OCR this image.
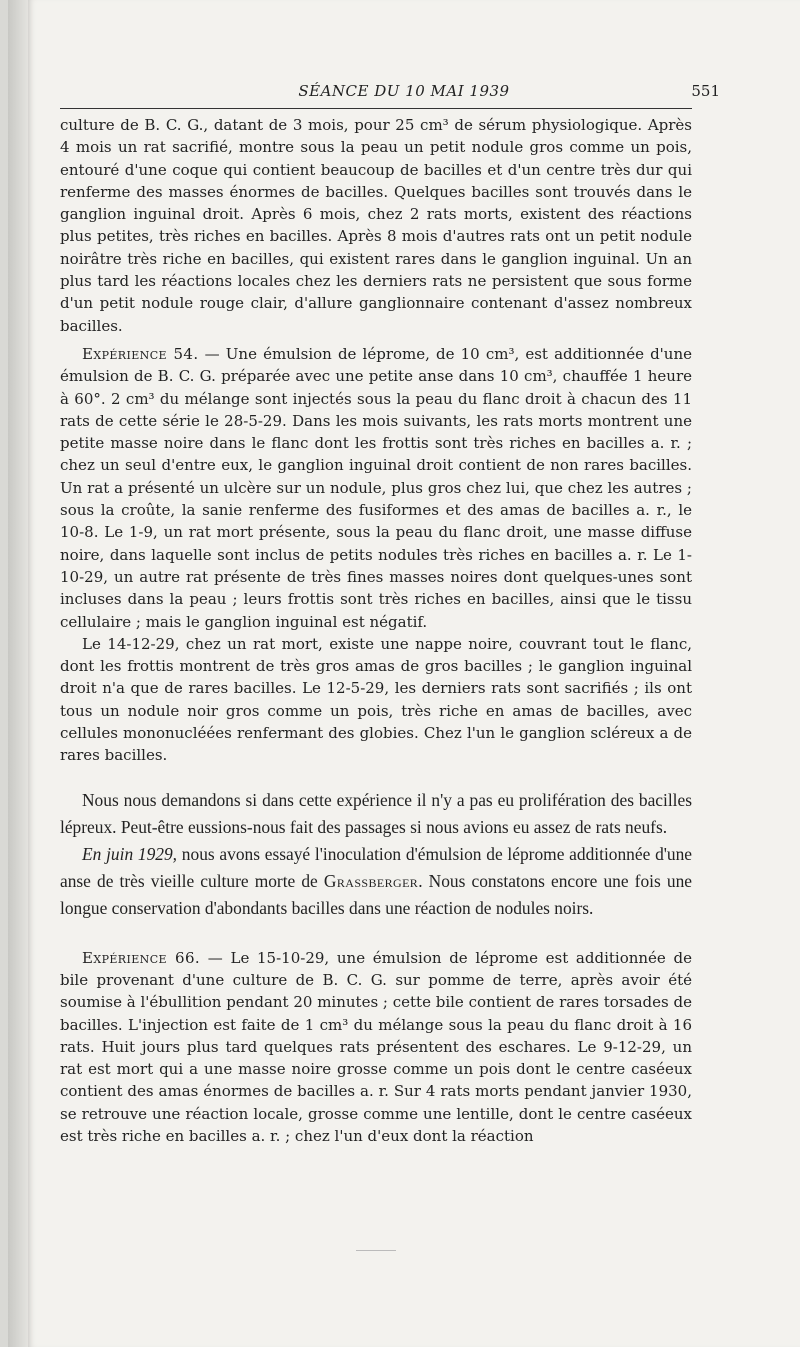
SÉANCE DU 10 MAI 1939	551

culture de B. C. G., datant de 3 mois, pour 25 cm³ de sérum physiologique. Après 4 mois un rat sacrifié, montre sous la peau un petit nodule gros comme un pois, entouré d'une coque qui contient beaucoup de bacilles et d'un centre très dur qui renferme des masses énormes de bacilles. Quelques bacilles sont trouvés dans le ganglion inguinal droit. Après 6 mois, chez 2 rats morts, existent des réactions plus petites, très riches en bacilles. Après 8 mois d'autres rats ont un petit nodule noirâtre très riche en bacilles, qui existent rares dans le ganglion inguinal. Un an plus tard les réactions locales chez les derniers rats ne persistent que sous forme d'un petit nodule rouge clair, d'allure ganglionnaire contenant d'assez nombreux bacilles.

Expérience 54. — Une émulsion de léprome, de 10 cm³, est additionnée d'une émulsion de B. C. G. préparée avec une petite anse dans 10 cm³, chauffée 1 heure à 60°. 2 cm³ du mélange sont injectés sous la peau du flanc droit à chacun des 11 rats de cette série le 28-5-29. Dans les mois suivants, les rats morts montrent une petite masse noire dans le flanc dont les frottis sont très riches en bacilles a. r. ; chez un seul d'entre eux, le ganglion inguinal droit contient de non rares bacilles. Un rat a présenté un ulcère sur un nodule, plus gros chez lui, que chez les autres ; sous la croûte, la sanie renferme des fusiformes et des amas de bacilles a. r., le 10-8. Le 1-9, un rat mort présente, sous la peau du flanc droit, une masse diffuse noire, dans laquelle sont inclus de petits nodules très riches en bacilles a. r. Le 1-10-29, un autre rat présente de très fines masses noires dont quelques-unes sont incluses dans la peau ; leurs frottis sont très riches en bacilles, ainsi que le tissu cellulaire ; mais le ganglion inguinal est négatif.

Le 14-12-29, chez un rat mort, existe une nappe noire, couvrant tout le flanc, dont les frottis montrent de très gros amas de gros bacilles ; le ganglion inguinal droit n'a que de rares bacilles. Le 12-5-29, les derniers rats sont sacrifiés ; ils ont tous un nodule noir gros comme un pois, très riche en amas de bacilles, avec cellules mononucléées renfermant des globies. Chez l'un le ganglion scléreux a de rares bacilles.

Nous nous demandons si dans cette expérience il n'y a pas eu prolifération des bacilles lépreux. Peut-être eussions-nous fait des passages si nous avions eu assez de rats neufs.

En juin 1929, nous avons essayé l'inoculation d'émulsion de léprome additionnée d'une anse de très vieille culture morte de Grassberger. Nous constatons encore une fois une longue conservation d'abondants bacilles dans une réaction de nodules noirs.

Expérience 66. — Le 15-10-29, une émulsion de léprome est additionnée de bile provenant d'une culture de B. C. G. sur pomme de terre, après avoir été soumise à l'ébullition pendant 20 minutes ; cette bile contient de rares torsades de bacilles. L'injection est faite de 1 cm³ du mélange sous la peau du flanc droit à 16 rats. Huit jours plus tard quelques rats présentent des eschares. Le 9-12-29, un rat est mort qui a une masse noire grosse comme un pois dont le centre caséeux contient des amas énormes de bacilles a. r. Sur 4 rats morts pendant janvier 1930, se retrouve une réaction locale, grosse comme une lentille, dont le centre caséeux est très riche en bacilles a. r. ; chez l'un d'eux dont la réaction
